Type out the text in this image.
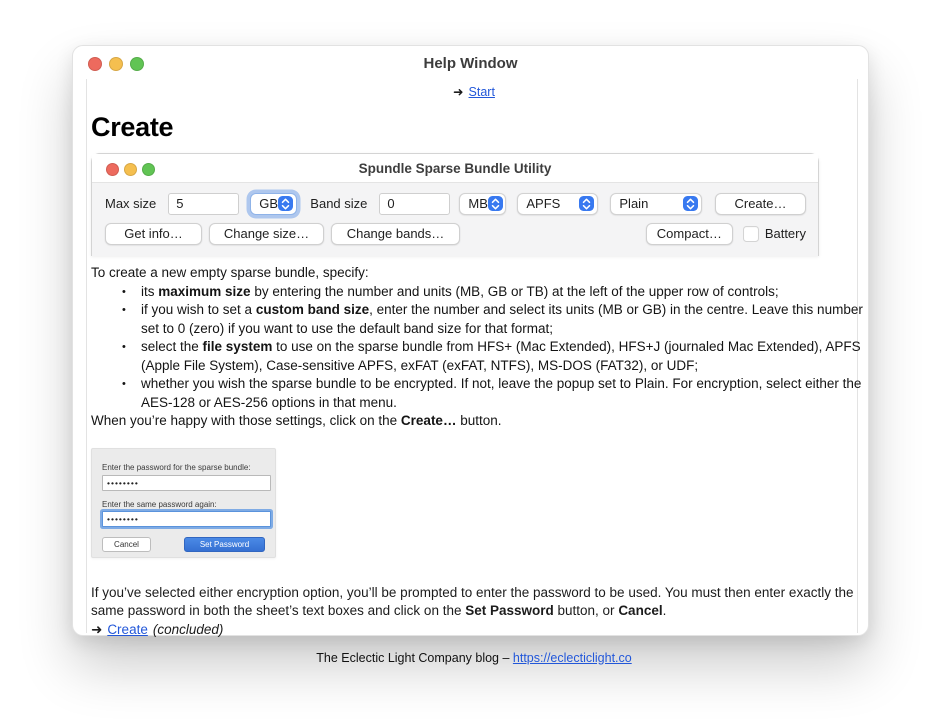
Help Window
➜ Start
Create
Spundle Sparse Bundle Utility
Max size	5	GB Band size	0	MB	APFS	Plain	Create…
Get info…	Change size…	Change bands…	Compact…	Battery
To create a new empty sparse bundle, specify:
• its maximum size by entering the number and units (MB, GB or TB) at the left of the upper row of controls;
• if you wish to set a custom band size, enter the number and select its units (MB or GB) in the centre. Leave this number set to 0 (zero) if you want to use the default band size for that format;
• select the file system to use on the sparse bundle from HFS+ (Mac Extended), HFS+J (journaled Mac Extended), APFS (Apple File System), Case-sensitive APFS, exFAT (exFAT, NTFS), MS-DOS (FAT32), or UDF;
• whether you wish the sparse bundle to be encrypted. If not, leave the popup set to Plain. For encryption, select either the AES-128 or AES-256 options in that menu.
When you’re happy with those settings, click on the Create… button.
Enter the password for the sparse bundle:
••••••••
Enter the same password again:
••••••••
Cancel	Set Password
If you’ve selected either encryption option, you’ll be prompted to enter the password to be used. You must then enter exactly the same password in both the sheet’s text boxes and click on the Set Password button, or Cancel.
➜ Create (concluded)
The Eclectic Light Company blog – https://eclecticlight.co
